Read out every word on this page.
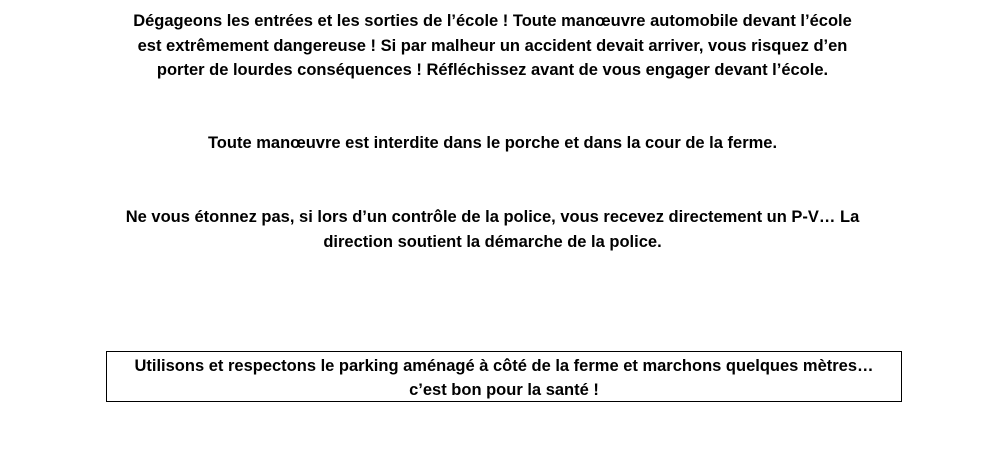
Dégageons les entrées et les sorties de l’école ! Toute manœuvre automobile devant l’école
est extrêmement dangereuse ! Si par malheur un accident devait arriver, vous risquez d’en
porter de lourdes conséquences ! Réfléchissez avant de vous engager devant l’école.

Toute manœuvre est interdite dans le porche et dans la cour de la ferme.

Ne vous étonnez pas, si lors d’un contrôle de la police, vous recevez directement un P-V… La
direction soutient la démarche de la police.

Utilisons et respectons le parking aménagé à côté de la ferme et marchons quelques mètres…
c’est bon pour la santé !
